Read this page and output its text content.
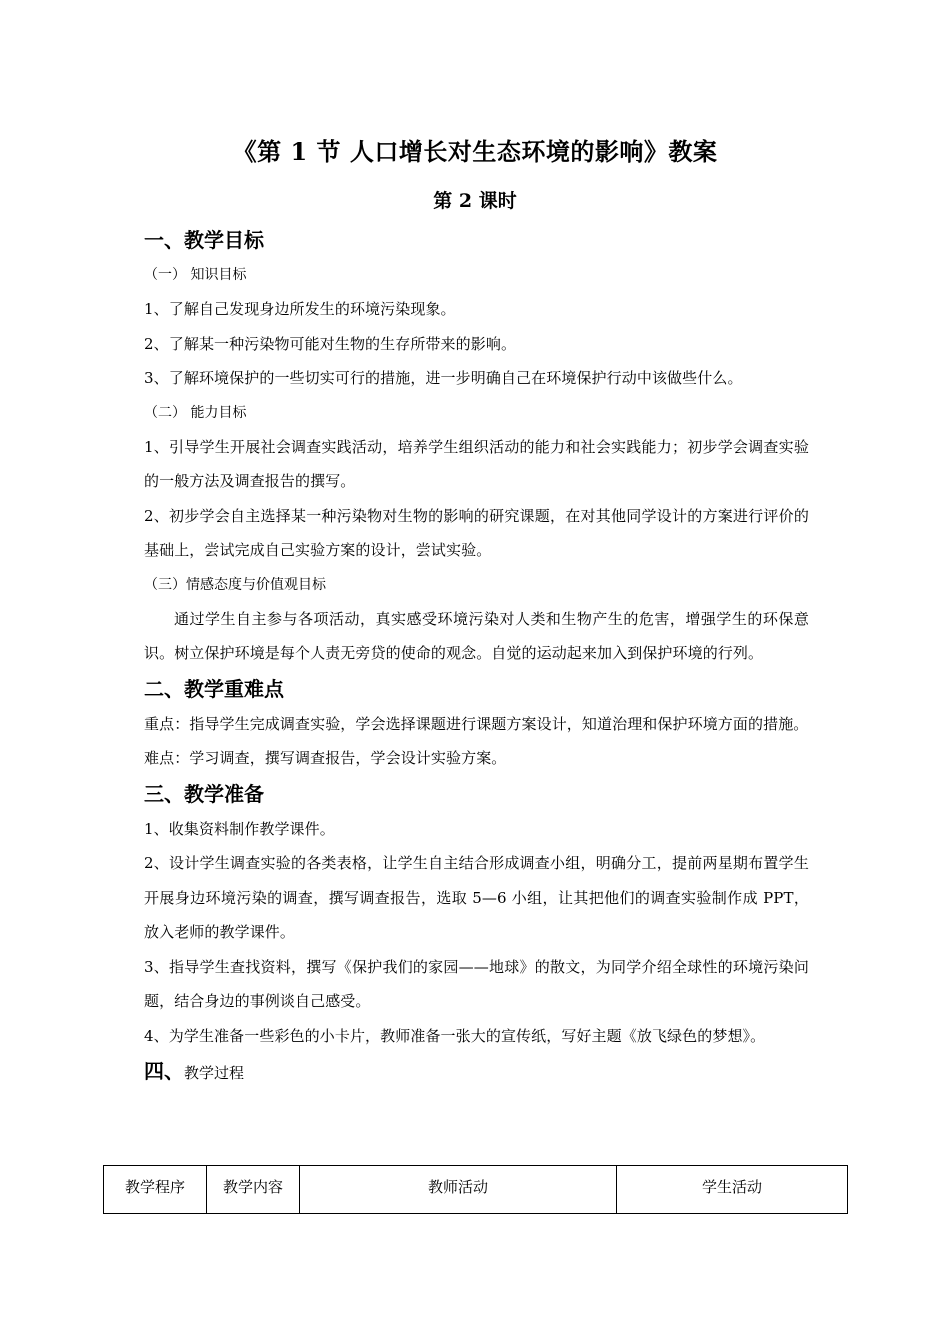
《第 1 节 人口增长对生态环境的影响》教案
第 2 课时
一、教学目标
（一） 知识目标
1、了解自己发现身边所发生的环境污染现象。
2、了解某一种污染物可能对生物的生存所带来的影响。
3、了解环境保护的一些切实可行的措施，进一步明确自己在环境保护行动中该做些什么。
（二） 能力目标
1、引导学生开展社会调查实践活动，培养学生组织活动的能力和社会实践能力；初步学会调查实验的一般方法及调查报告的撰写。
2、初步学会自主选择某一种污染物对生物的影响的研究课题，在对其他同学设计的方案进行评价的基础上，尝试完成自己实验方案的设计，尝试实验。
（三）情感态度与价值观目标
通过学生自主参与各项活动，真实感受环境污染对人类和生物产生的危害，增强学生的环保意识。树立保护环境是每个人责无旁贷的使命的观念。自觉的运动起来加入到保护环境的行列。
二、教学重难点
重点：指导学生完成调查实验，学会选择课题进行课题方案设计，知道治理和保护环境方面的措施。
难点：学习调查，撰写调查报告，学会设计实验方案。
三、教学准备
1、收集资料制作教学课件。
2、设计学生调查实验的各类表格，让学生自主结合形成调查小组，明确分工，提前两星期布置学生开展身边环境污染的调查，撰写调查报告，选取 5—6 小组，让其把他们的调查实验制作成 PPT，放入老师的教学课件。
3、指导学生查找资料，撰写《保护我们的家园——地球》的散文，为同学介绍全球性的环境污染问题，结合身边的事例谈自己感受。
4、为学生准备一些彩色的小卡片，教师准备一张大的宣传纸，写好主题《放飞绿色的梦想》。
四、教学过程
教学程序	教学内容	教师活动	学生活动
